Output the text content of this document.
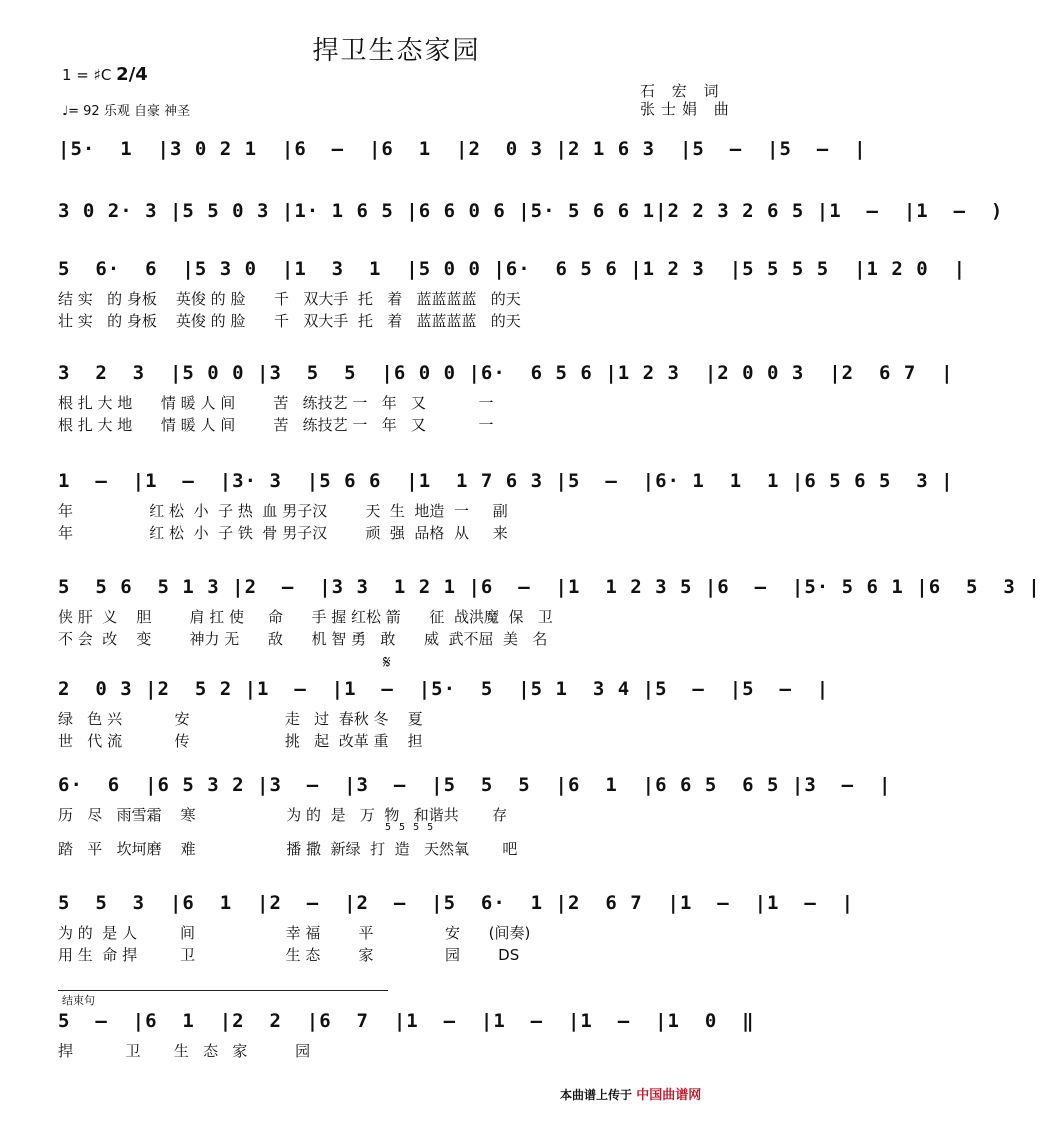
捍卫生态家园
1 = ♯C 2/4
♩= 92 乐观 自豪 神圣
石 宏 词
张士娟 曲
|5·  1  |3 0 2 1  |6  –  |6  1  |2  0 3 |2 1 6 3  |5  –  |5  –  |
3 0 2· 3 |5 5 0 3 |1· 1 6 5 |6 6 0 6 |5· 5 6 6 1|2 2 3 2 6 5 |1  –  |1  –  )
5  6·  6  |5 3 0  |1  3  1  |5 0 0 |6·  6 5 6 |1 2 3  |5 5 5 5  |1 2 0  |
结 实   的 身板    英俊 的 脸      千   双大手  托   着   蓝蓝蓝蓝   的天
壮 实   的 身板    英俊 的 脸      千   双大手  托   着   蓝蓝蓝蓝   的天
3  2  3  |5 0 0 |3  5  5  |6 0 0 |6·  6 5 6 |1 2 3  |2 0 0 3  |2  6 7  |
根 扎 大 地      情 暖 人 间        苦   练技艺 一   年   又           一
根 扎 大 地      情 暖 人 间        苦   练技艺 一   年   又           一
1  –  |1  –  |3· 3  |5 6 6  |1  1 7 6 3 |5  –  |6· 1  1  1 |6 5 6 5  3 |
年                红 松  小  子 热  血 男子汉        天  生  地造  一     副
年                红 松  小  子 铁  骨 男子汉        顽  强  品格  从     来
5  5 6  5 1 3 |2  –  |3 3  1 2 1 |6  –  |1  1 2 3 5 |6  –  |5· 5 6 1 |6  5  3 |
侠 肝  义    胆        肩 扛 使     命      手 握 红松 箭      征  战洪魔  保   卫
不 会  改    变        神力 无      敌      机 智 勇   敢      威  武不屈  美   名
𝄋
2  0 3 |2  5 2 |1  –  |1  –  |5·  5  |5 1  3 4 |5  –  |5  –  |
绿   色 兴           安                    走   过  春秋 冬    夏
世   代 流           传                    挑   起  改革 重    担
6·  6  |6 5 3 2 |3  –  |3  –  |5  5  5  |6  1  |6 6 5  6 5 |3  –  |
历   尽   雨雪霜    寒                   为 的  是   万  物   和谐共       存
踏   平   坎坷磨    难                   播 撒  新绿  打  造   天然氧       吧
5 5 5 5
5  5  3  |6  1  |2  –  |2  –  |5  6·  1 |2  6 7  |1  –  |1  –  |
为 的  是 人         间                   幸 福        平               安      (间奏)
用 生  命 捍         卫                   生 态        家               园        DS
结束句
5  –  |6  1  |2  2  |6  7  |1  –  |1  –  |1  –  |1  0  ‖
捍           卫       生   态   家          园
本曲谱上传于 中国曲谱网
